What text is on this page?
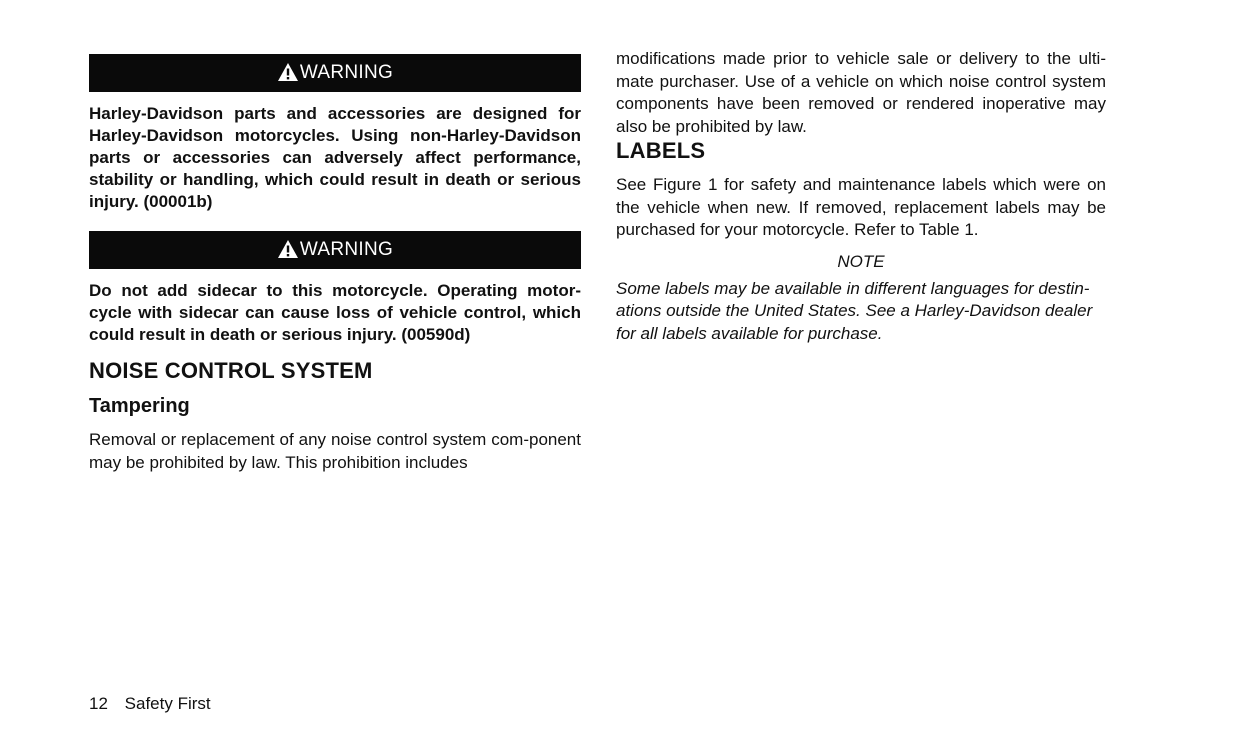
WARNING

Harley-Davidson parts and accessories are designed for Harley-Davidson motorcycles. Using non-Harley-Davidson parts or accessories can adversely affect performance, stability or handling, which could result in death or serious injury. (00001b)

WARNING

Do not add sidecar to this motorcycle. Operating motor-cycle with sidecar can cause loss of vehicle control, which could result in death or serious injury. (00590d)

NOISE CONTROL SYSTEM
Tampering

Removal or replacement of any noise control system com-ponent may be prohibited by law. This prohibition includes

modifications made prior to vehicle sale or delivery to the ulti-mate purchaser. Use of a vehicle on which noise control system components have been removed or rendered inoperative may also be prohibited by law.

LABELS

See Figure 1 for safety and maintenance labels which were on the vehicle when new. If removed, replacement labels may be purchased for your motorcycle. Refer to Table 1.

NOTE

Some labels may be available in different languages for destin-ations outside the United States. See a Harley-Davidson dealer for all labels available for purchase.

12 Safety First
